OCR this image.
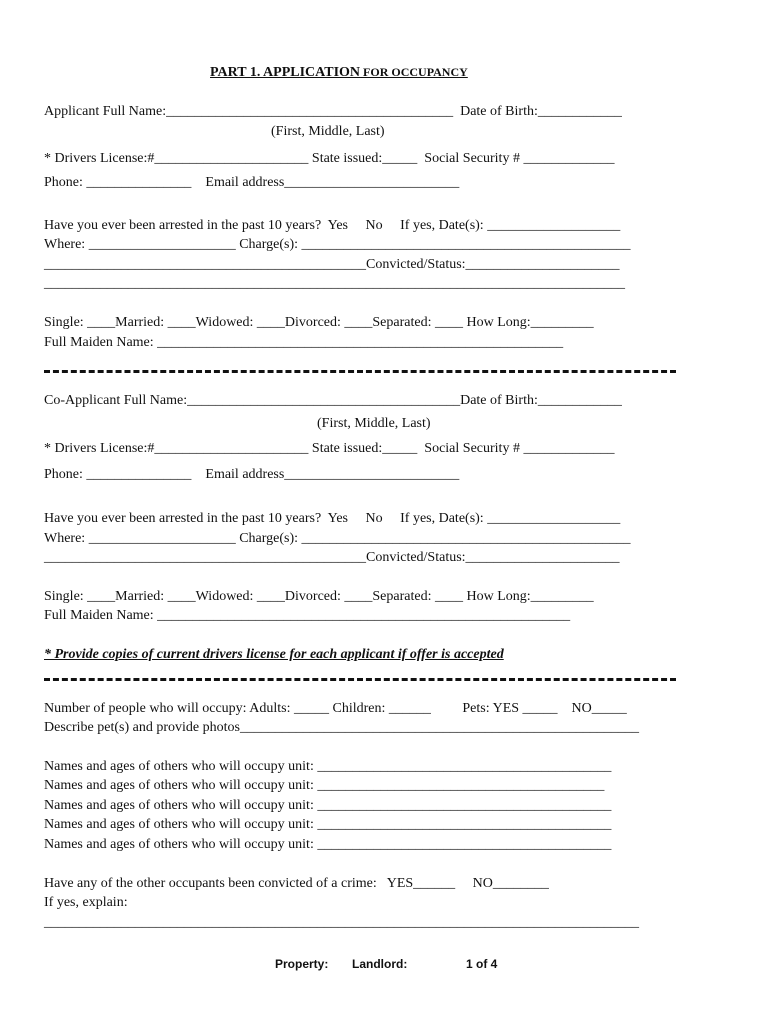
PART 1. APPLICATION FOR OCCUPANCY
Applicant Full Name:_________________________________________  Date of Birth:____________
(First, Middle, Last)
* Drivers License:#______________________ State issued:_____  Social Security # _____________
Phone: _______________    Email address_________________________
Have you ever been arrested in the past 10 years?  Yes     No     If yes, Date(s): ___________________
Where: _____________________ Charge(s): _______________________________________________
______________________________________________Convicted/Status:______________________
___________________________________________________________________________________
Single: ____Married: ____Widowed: ____Divorced: ____Separated: ____ How Long:_________
Full Maiden Name: __________________________________________________________
Co-Applicant Full Name:_______________________________________Date of Birth:____________
(First, Middle, Last)
* Drivers License:#______________________ State issued:_____  Social Security # _____________
Phone: _______________    Email address_________________________
Have you ever been arrested in the past 10 years?  Yes     No     If yes, Date(s): ___________________
Where: _____________________ Charge(s): _______________________________________________
______________________________________________Convicted/Status:______________________
Single: ____Married: ____Widowed: ____Divorced: ____Separated: ____ How Long:_________
Full Maiden Name: ___________________________________________________________
* Provide copies of current drivers license for each applicant if offer is accepted
Number of people who will occupy: Adults: _____ Children: ______         Pets: YES _____    NO_____
Describe pet(s) and provide photos_________________________________________________________
Names and ages of others who will occupy unit: __________________________________________
Names and ages of others who will occupy unit: _________________________________________
Names and ages of others who will occupy unit: __________________________________________
Names and ages of others who will occupy unit: __________________________________________
Names and ages of others who will occupy unit: __________________________________________
Have any of the other occupants been convicted of a crime:   YES______     NO________
If yes, explain:
_____________________________________________________________________________________
Property: Landlord:	1 of 4
